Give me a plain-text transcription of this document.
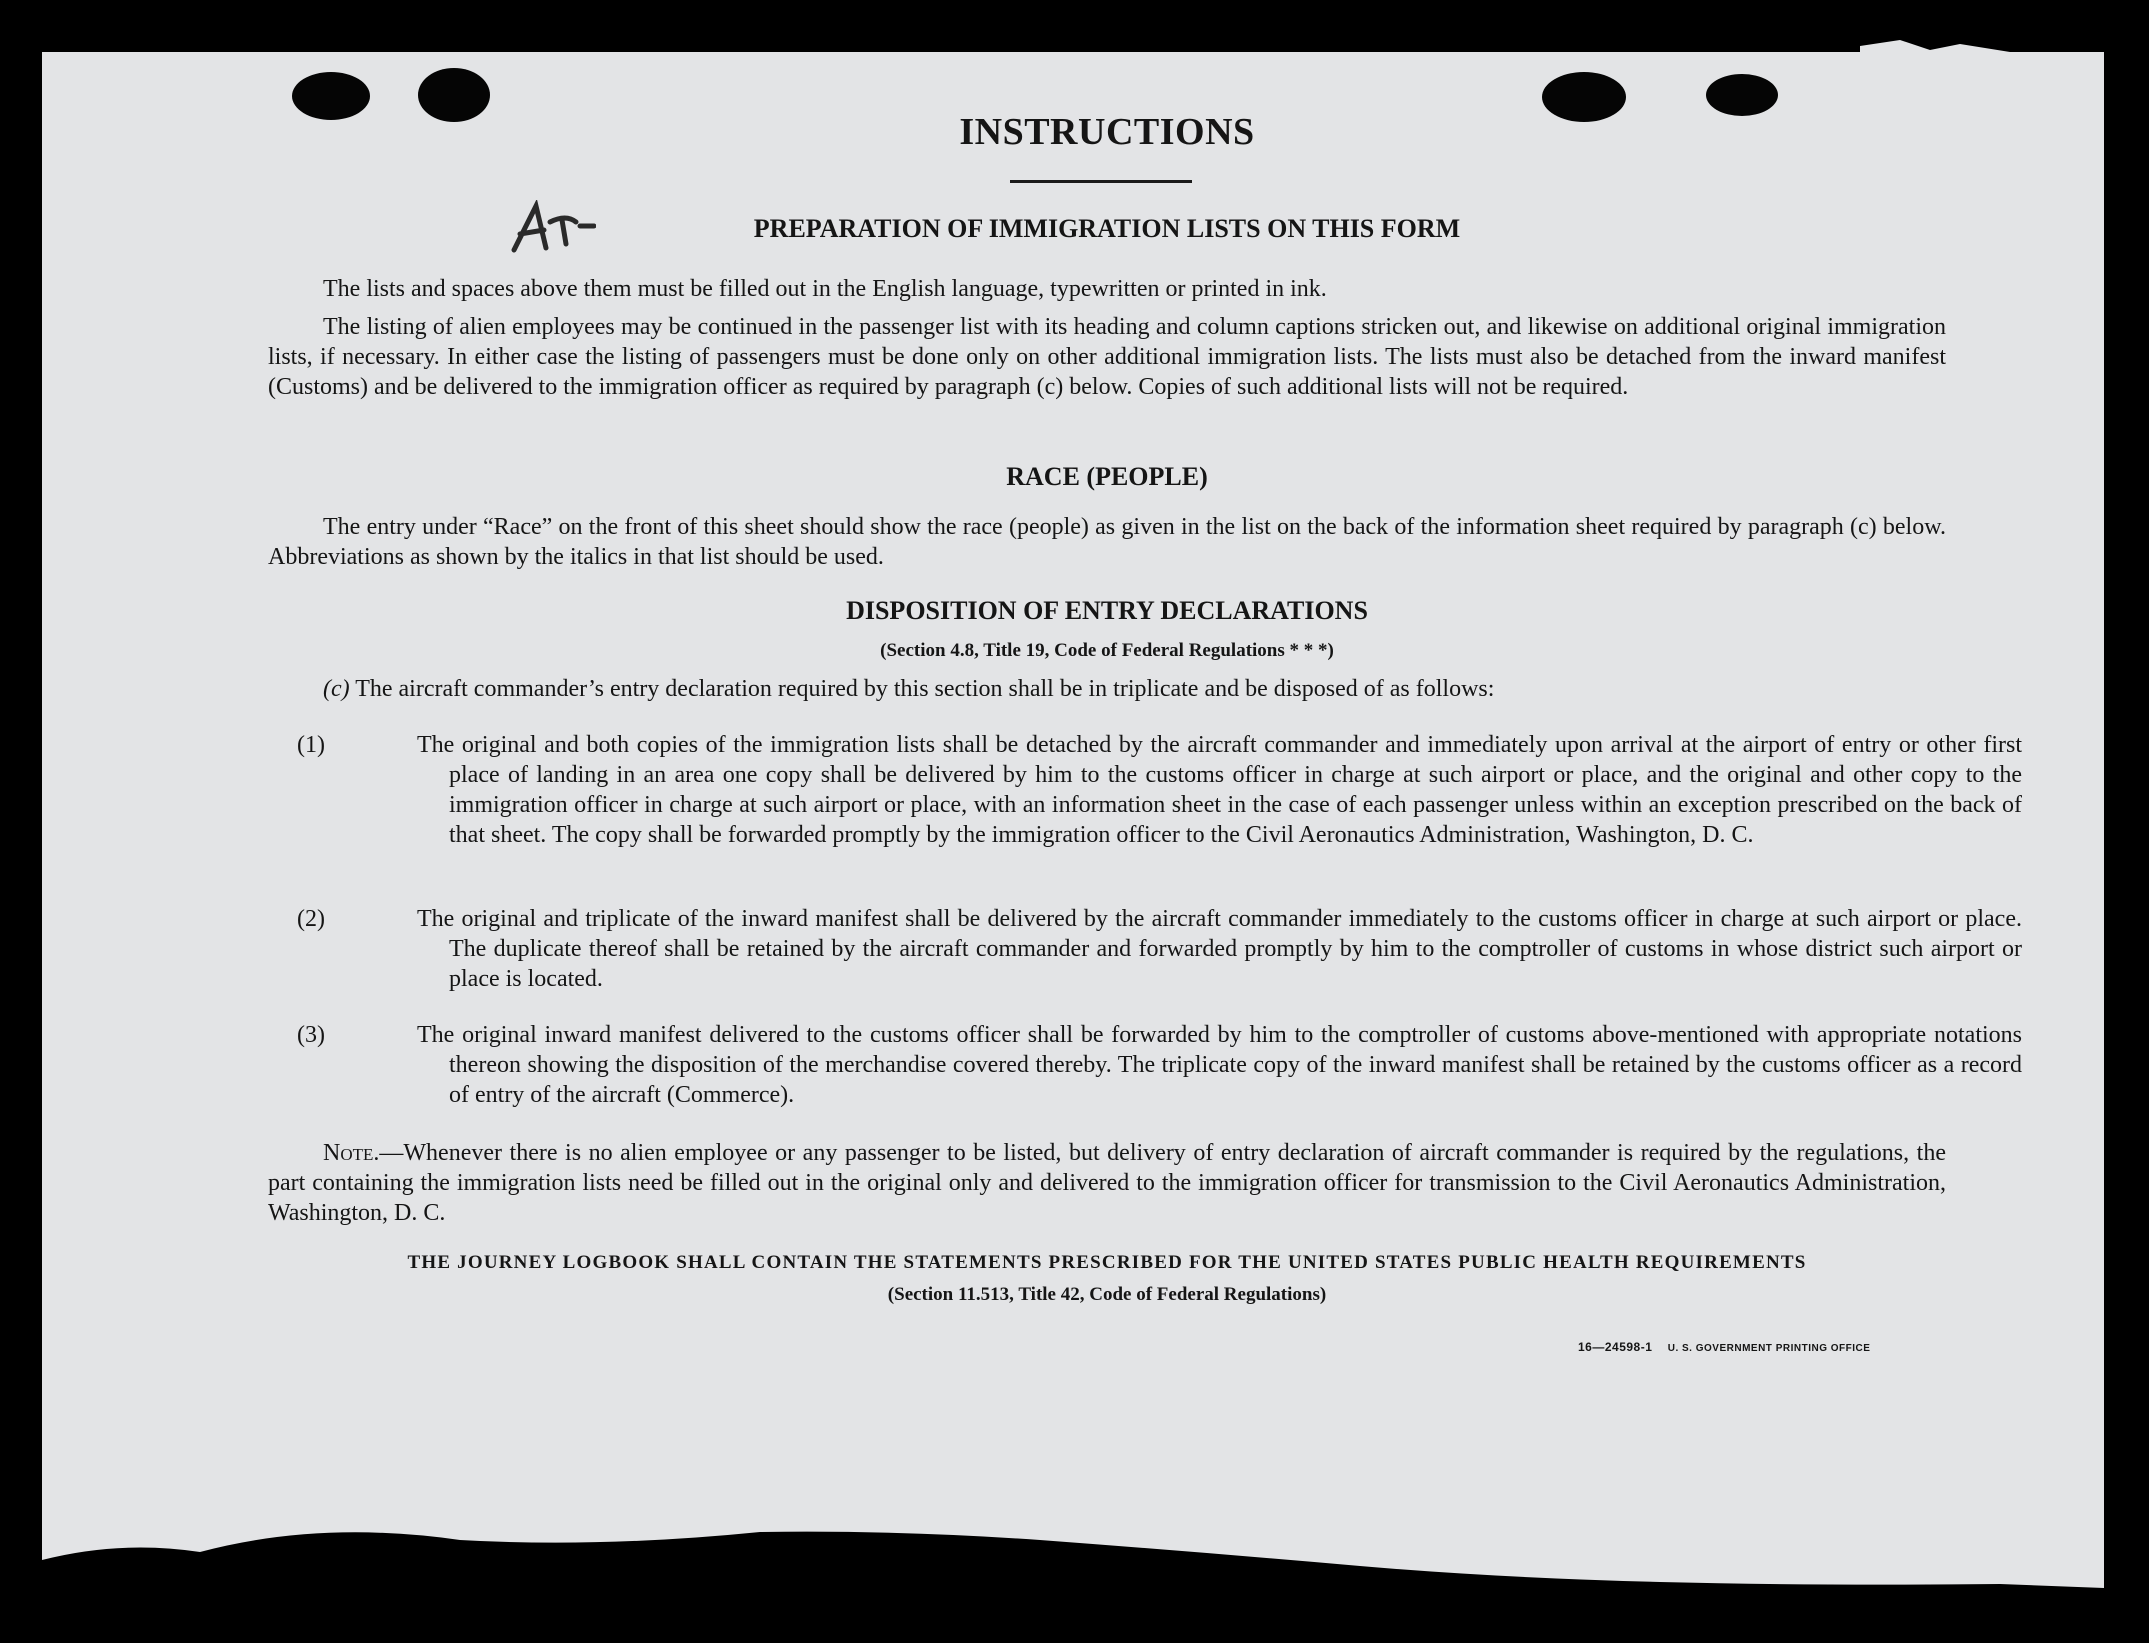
INSTRUCTIONS
PREPARATION OF IMMIGRATION LISTS ON THIS FORM
The lists and spaces above them must be filled out in the English language, typewritten or printed in ink.
The listing of alien employees may be continued in the passenger list with its heading and column captions stricken out, and likewise on additional original immigration lists, if necessary. In either case the listing of passengers must be done only on other additional immigration lists. The lists must also be detached from the inward manifest (Customs) and be delivered to the immigration officer as required by paragraph (c) below. Copies of such additional lists will not be required.
RACE (PEOPLE)
The entry under “Race” on the front of this sheet should show the race (people) as given in the list on the back of the information sheet required by paragraph (c) below. Abbreviations as shown by the italics in that list should be used.
DISPOSITION OF ENTRY DECLARATIONS
(Section 4.8, Title 19, Code of Federal Regulations * * *)
(c) The aircraft commander’s entry declaration required by this section shall be in triplicate and be disposed of as follows:
(1)	The original and both copies of the immigration lists shall be detached by the aircraft commander and immediately upon arrival at the airport of entry or other first place of landing in an area one copy shall be delivered by him to the customs officer in charge at such airport or place, and the original and other copy to the immigration officer in charge at such airport or place, with an information sheet in the case of each passenger unless within an exception prescribed on the back of that sheet. The copy shall be forwarded promptly by the immigration officer to the Civil Aeronautics Administration, Washington, D. C.
(2)	The original and triplicate of the inward manifest shall be delivered by the aircraft commander immediately to the customs officer in charge at such airport or place. The duplicate thereof shall be retained by the aircraft commander and forwarded promptly by him to the comptroller of customs in whose district such airport or place is located.
(3)	The original inward manifest delivered to the customs officer shall be forwarded by him to the comptroller of customs above-mentioned with appropriate notations thereon showing the disposition of the merchandise covered thereby. The triplicate copy of the inward manifest shall be retained by the customs officer as a record of entry of the aircraft (Commerce).
Note.—Whenever there is no alien employee or any passenger to be listed, but delivery of entry declaration of aircraft commander is required by the regulations, the part containing the immigration lists need be filled out in the original only and delivered to the immigration officer for transmission to the Civil Aeronautics Administration, Washington, D. C.
THE JOURNEY LOGBOOK SHALL CONTAIN THE STATEMENTS PRESCRIBED FOR THE UNITED STATES PUBLIC HEALTH REQUIREMENTS
(Section 11.513, Title 42, Code of Federal Regulations)
16—24598-1 U. S. GOVERNMENT PRINTING OFFICE
